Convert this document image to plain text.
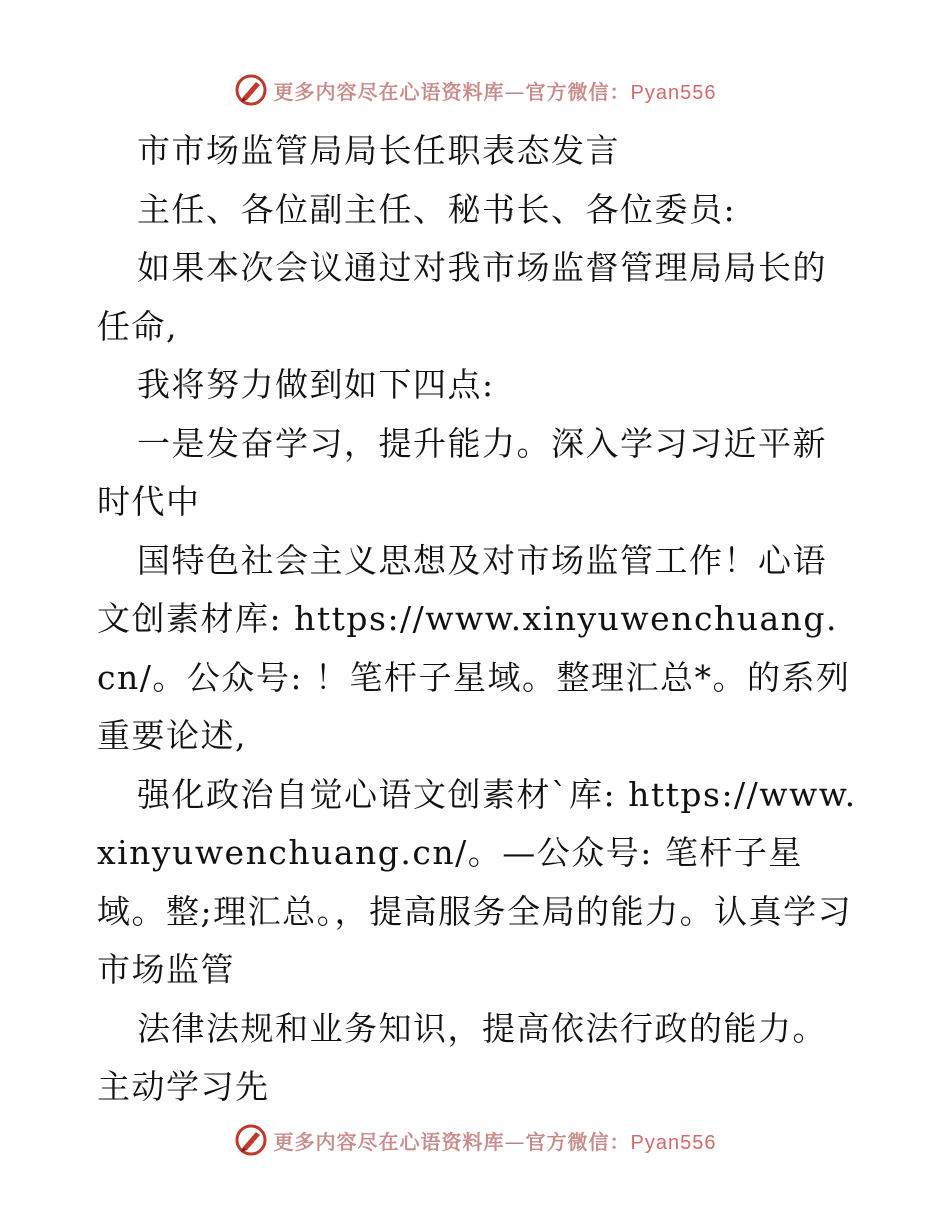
更多内容尽在心语资料库—官方微信：Pyan556

市市场监管局局长任职表态发言

主任、各位副主任、秘书长、各位委员:

如果本次会议通过对我市场监督管理局局长的任命,

我将努力做到如下四点:

一是发奋学习，提升能力。深入学习习近平新时代中

国特色社会主义思想及对市场监管工作！心语文创素材库: https://www.xinyuwenchuang.cn/。公众号: ！笔杆子星域。整理汇总*。的系列重要论述,

强化政治自觉心语文创素材`库: https://www.xinyuwenchuang.cn/。—公众号: 笔杆子星域。整;理汇总。，提高服务全局的能力。认真学习市场监管

法律法规和业务知识，提高依法行政的能力。主动学习先

更多内容尽在心语资料库—官方微信：Pyan556
